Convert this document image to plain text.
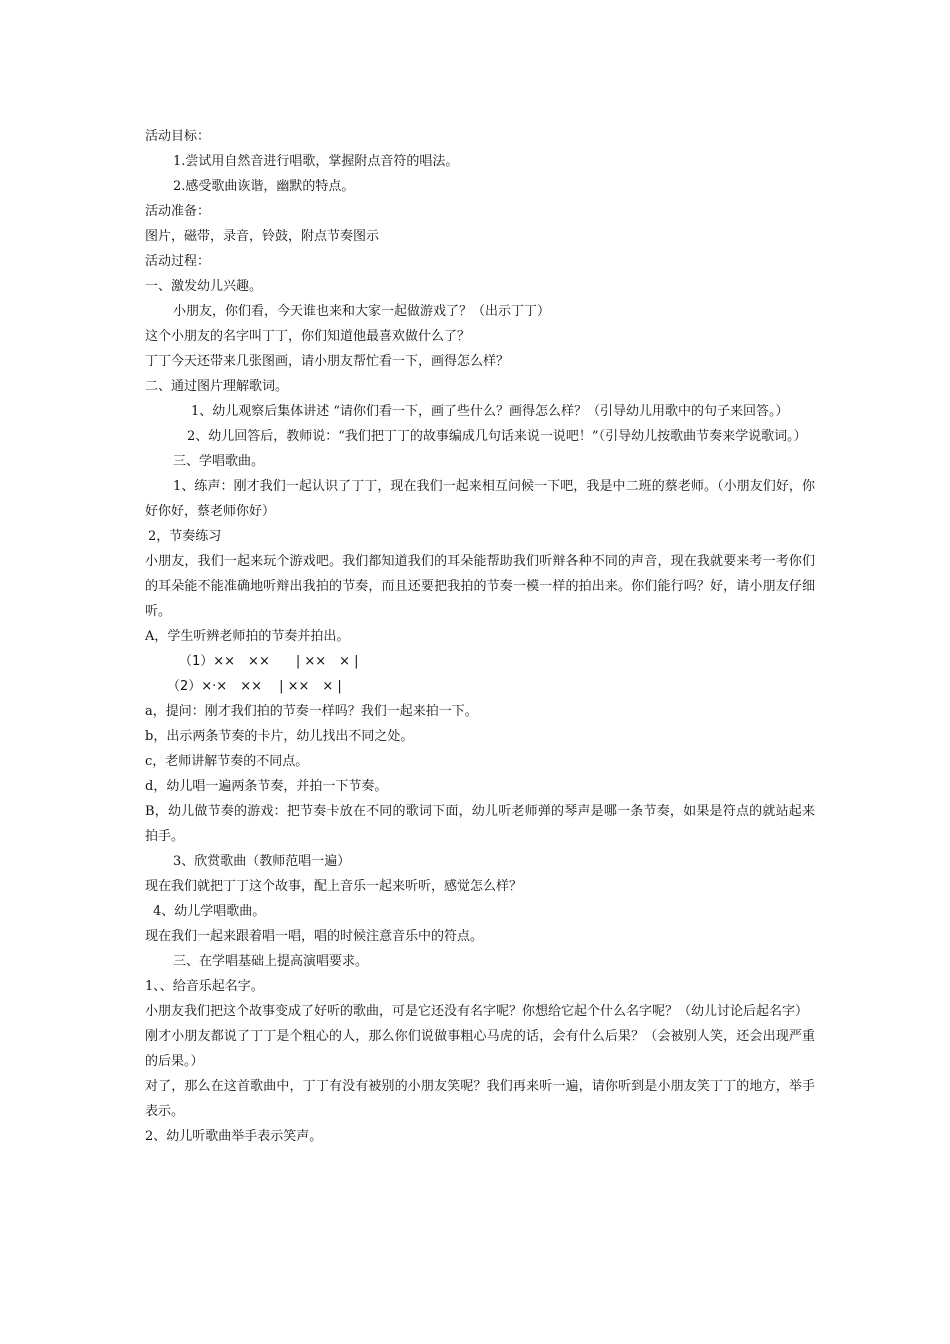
活动目标：

1.尝试用自然音进行唱歌，掌握附点音符的唱法。

2.感受歌曲诙谐，幽默的特点。

活动准备：

图片，磁带，录音，铃鼓，附点节奏图示

活动过程：

一、激发幼儿兴趣。

小朋友，你们看，今天谁也来和大家一起做游戏了？（出示丁丁）

这个小朋友的名字叫丁丁，你们知道他最喜欢做什么了？

丁丁今天还带来几张图画，请小朋友帮忙看一下，画得怎么样？

二、通过图片理解歌词。

1、幼儿观察后集体讲述 “请你们看一下，画了些什么？画得怎么样？（引导幼儿用歌中的句子来回答。）

2、幼儿回答后，教师说：“我们把丁丁的故事编成几句话来说一说吧！”（引导幼儿按歌曲节奏来学说歌词。）

三、学唱歌曲。

1、练声：刚才我们一起认识了丁丁，现在我们一起来相互问候一下吧，我是中二班的蔡老师。（小朋友们好，你好你好，蔡老师你好）

2，节奏练习

小朋友，我们一起来玩个游戏吧。我们都知道我们的耳朵能帮助我们听辩各种不同的声音，现在我就要来考一考你们的耳朵能不能准确地听辩出我拍的节奏，而且还要把我拍的节奏一模一样的拍出来。你们能行吗？好，请小朋友仔细听。

A，学生听辨老师拍的节奏并拍出。

（1）××　××　　| ××　× |

（2）×·×　××　 | ××　× |

a，提问：刚才我们拍的节奏一样吗？我们一起来拍一下。

b，出示两条节奏的卡片，幼儿找出不同之处。

c，老师讲解节奏的不同点。

d，幼儿唱一遍两条节奏，并拍一下节奏。

B，幼儿做节奏的游戏：把节奏卡放在不同的歌词下面，幼儿听老师弹的琴声是哪一条节奏，如果是符点的就站起来拍手。

3、欣赏歌曲（教师范唱一遍）

现在我们就把丁丁这个故事，配上音乐一起来听听，感觉怎么样？

4、幼儿学唱歌曲。

现在我们一起来跟着唱一唱，唱的时候注意音乐中的符点。

三、在学唱基础上提高演唱要求。

1、、给音乐起名字。

小朋友我们把这个故事变成了好听的歌曲，可是它还没有名字呢？你想给它起个什么名字呢？（幼儿讨论后起名字）

刚才小朋友都说了丁丁是个粗心的人，那么你们说做事粗心马虎的话，会有什么后果？（会被别人笑，还会出现严重的后果。）

对了，那么在这首歌曲中，丁丁有没有被别的小朋友笑呢？我们再来听一遍，请你听到是小朋友笑丁丁的地方，举手表示。

2、幼儿听歌曲举手表示笑声。
